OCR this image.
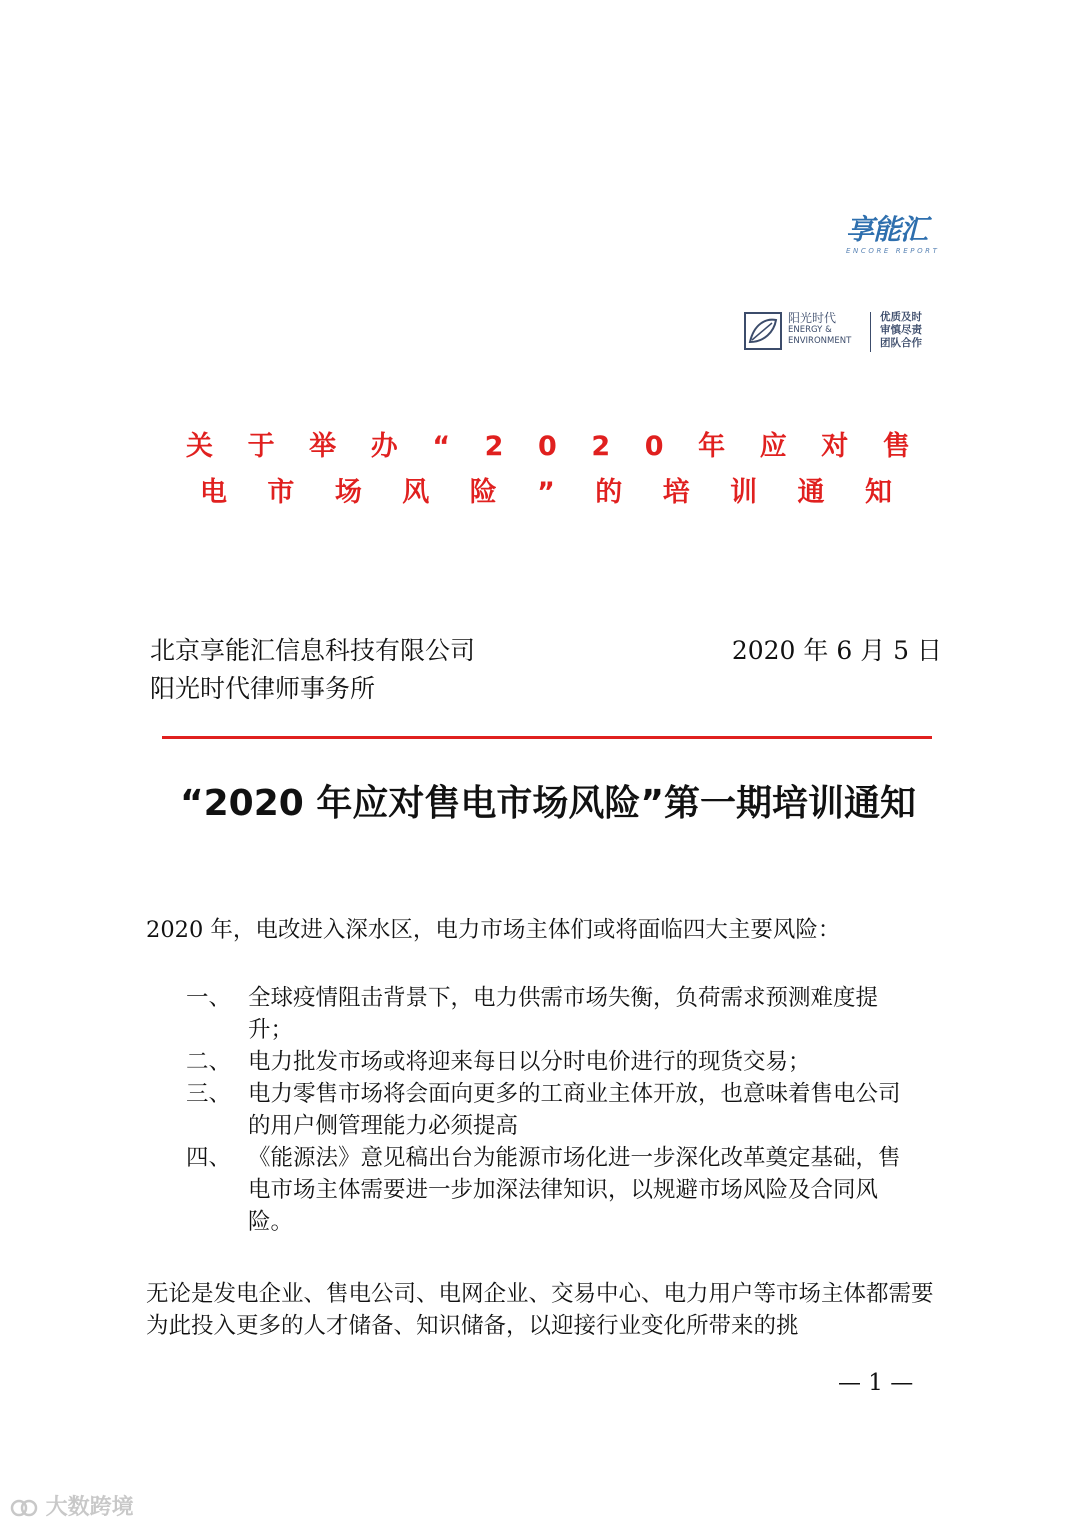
享能汇
ENCORE REPORT
阳光时代
ENERGY &
ENVIRONMENT
优质及时
审慎尽责
团队合作
关 于 举 办 “ 2 0 2 0 年 应 对 售
电 市 场 风 险 ” 的 培 训 通 知
北京享能汇信息科技有限公司
阳光时代律师事务所
2020 年 6 月 5 日
“2020 年应对售电市场风险”第一期培训通知
2020 年，电改进入深水区，电力市场主体们或将面临四大主要风险：
一、 全球疫情阻击背景下，电力供需市场失衡，负荷需求预测难度提升；
二、 电力批发市场或将迎来每日以分时电价进行的现货交易；
三、 电力零售市场将会面向更多的工商业主体开放，也意味着售电公司的用户侧管理能力必须提高
四、 《能源法》意见稿出台为能源市场化进一步深化改革奠定基础，售电市场主体需要进一步加深法律知识，以规避市场风险及合同风险。
无论是发电企业、售电公司、电网企业、交易中心、电力用户等市场主体都需要为此投入更多的人才储备、知识储备，以迎接行业变化所带来的挑
— 1 —
大数跨境
